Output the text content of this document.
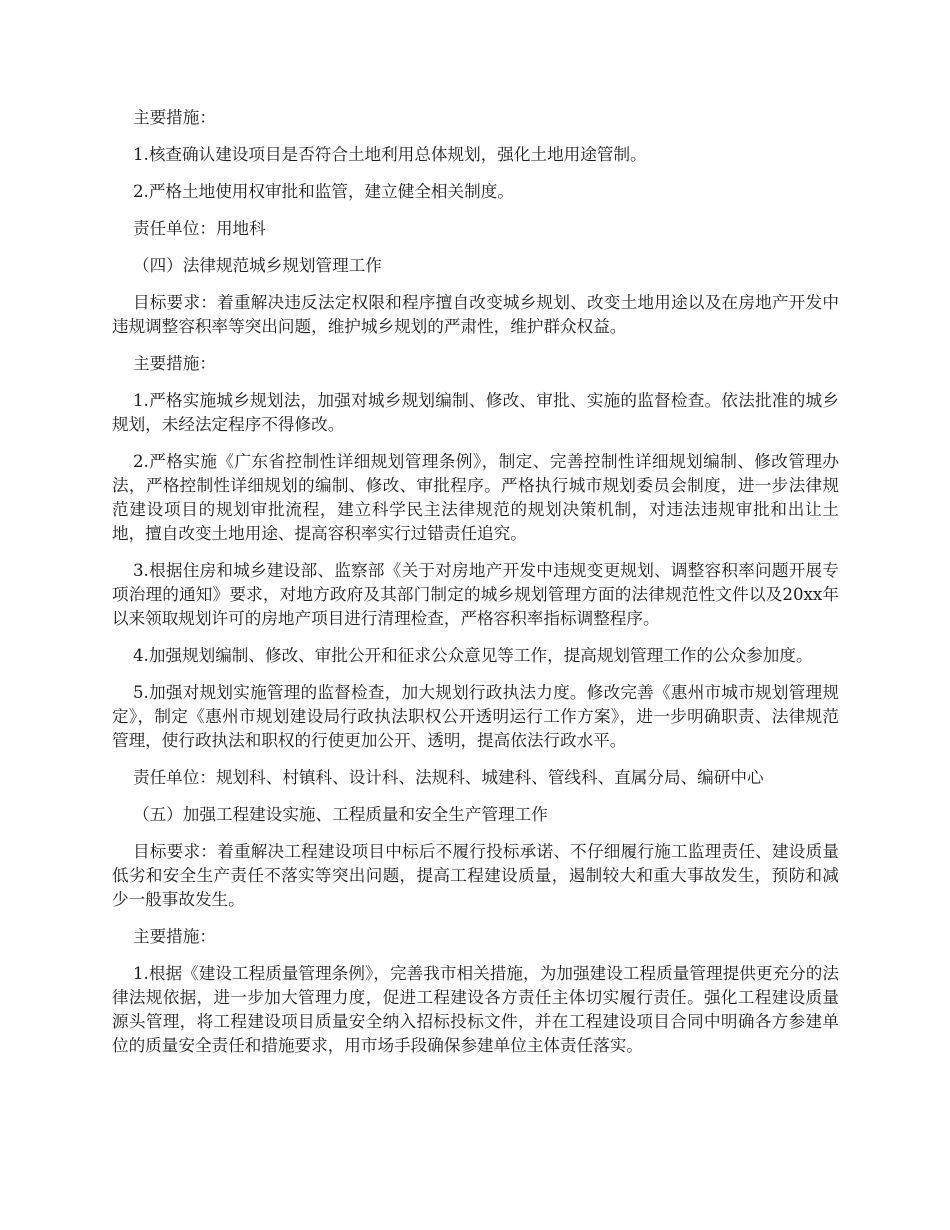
主要措施：

1.核查确认建设项目是否符合土地利用总体规划，强化土地用途管制。

2.严格土地使用权审批和监管，建立健全相关制度。

责任单位：用地科

（四）法律规范城乡规划管理工作

目标要求：着重解决违反法定权限和程序擅自改变城乡规划、改变土地用途以及在房地产开发中违规调整容积率等突出问题，维护城乡规划的严肃性，维护群众权益。

主要措施：

1.严格实施城乡规划法，加强对城乡规划编制、修改、审批、实施的监督检查。依法批准的城乡规划，未经法定程序不得修改。

2.严格实施《广东省控制性详细规划管理条例》，制定、完善控制性详细规划编制、修改管理办法，严格控制性详细规划的编制、修改、审批程序。严格执行城市规划委员会制度，进一步法律规范建设项目的规划审批流程，建立科学民主法律规范的规划决策机制，对违法违规审批和出让土地，擅自改变土地用途、提高容积率实行过错责任追究。

3.根据住房和城乡建设部、监察部《关于对房地产开发中违规变更规划、调整容积率问题开展专项治理的通知》要求，对地方政府及其部门制定的城乡规划管理方面的法律规范性文件以及20xx年以来领取规划许可的房地产项目进行清理检查，严格容积率指标调整程序。

4.加强规划编制、修改、审批公开和征求公众意见等工作，提高规划管理工作的公众参加度。

5.加强对规划实施管理的监督检查，加大规划行政执法力度。修改完善《惠州市城市规划管理规定》，制定《惠州市规划建设局行政执法职权公开透明运行工作方案》，进一步明确职责、法律规范管理，使行政执法和职权的行使更加公开、透明，提高依法行政水平。

责任单位：规划科、村镇科、设计科、法规科、城建科、管线科、直属分局、编研中心

（五）加强工程建设实施、工程质量和安全生产管理工作

目标要求：着重解决工程建设项目中标后不履行投标承诺、不仔细履行施工监理责任、建设质量低劣和安全生产责任不落实等突出问题，提高工程建设质量，遏制较大和重大事故发生，预防和减少一般事故发生。

主要措施：

1.根据《建设工程质量管理条例》，完善我市相关措施，为加强建设工程质量管理提供更充分的法律法规依据，进一步加大管理力度，促进工程建设各方责任主体切实履行责任。强化工程建设质量源头管理，将工程建设项目质量安全纳入招标投标文件，并在工程建设项目合同中明确各方参建单位的质量安全责任和措施要求，用市场手段确保参建单位主体责任落实。
